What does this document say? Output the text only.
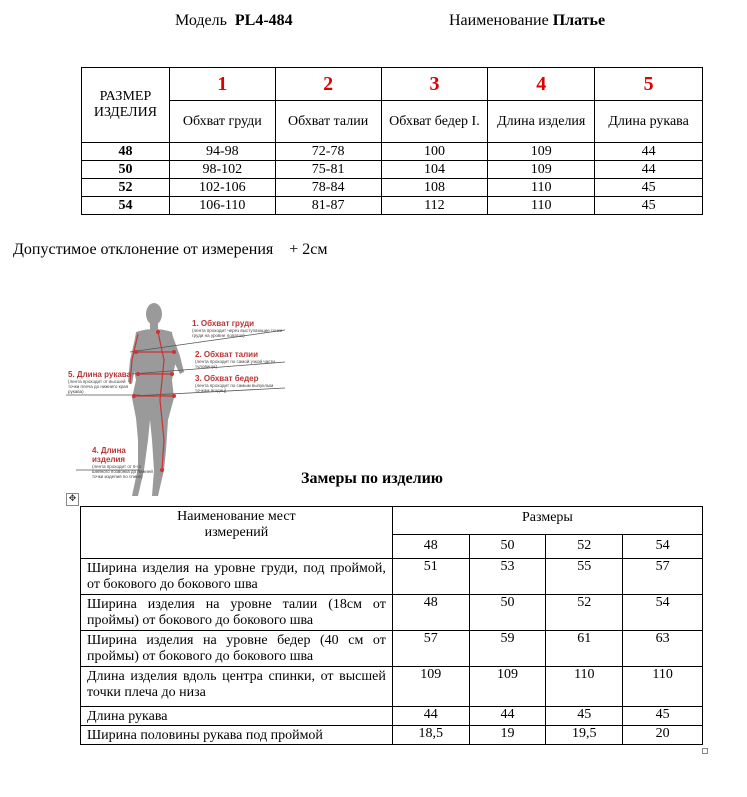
Модель PL4-484	Наименование Платье
РАЗМЕР ИЗДЕЛИЯ	1	2	3	4	5
	Обхват груди	Обхват талии	Обхват бедер I.	Длина изделия	Длина рукава
48	94-98	72-78	100	109	44
50	98-102	75-81	104	109	44
52	102-106	78-84	108	110	45
54	106-110	81-87	112	110	45
Допустимое отклонение от измерения + 2см
1. Обхват груди
(лента проходит через выступающие точки груди на уровне лопаток)
2. Обхват талии
(лента проходит по самой узкой части туловища)
3. Обхват бедер
(лента проходит по самым выпуклым точкам ягодиц)
5. Длина рукава
(лента проходит от высшей точки плеча до нижнего края рукава)
4. Длина изделия
(лента проходит от 6-го шейного позвонка до нижней точки изделия по спине)	Замеры по изделию
✥
Наименование мест измерений	Размеры			
	48	50	52	54
Ширина изделия на уровне груди, под проймой, от бокового до бокового шва	51	53	55	57
Ширина изделия на уровне талии (18см от проймы) от бокового до бокового шва	48	50	52	54
Ширина изделия на уровне бедер (40 см от проймы) от бокового до бокового шва	57	59	61	63
Длина изделия вдоль центра спинки, от высшей точки плеча до низа	109	109	110	110
Длина рукава	44	44	45	45
Ширина половины рукава под проймой	18,5	19	19,5	20
